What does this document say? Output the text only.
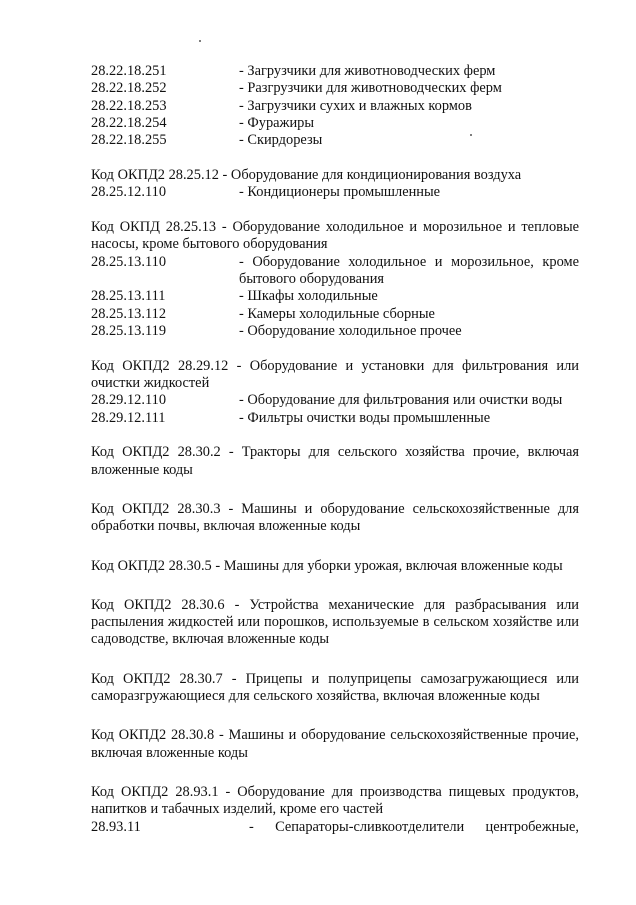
28.22.18.251	- Загрузчики для животноводческих ферм
28.22.18.252	- Разгрузчики для животноводческих ферм
28.22.18.253	- Загрузчики сухих и влажных кормов
28.22.18.254	- Фуражиры
28.22.18.255	- Скирдорезы
Код ОКПД2 28.25.12 - Оборудование для кондиционирования воздуха
28.25.12.110	- Кондиционеры промышленные
Код ОКПД 28.25.13 - Оборудование холодильное и морозильное и тепловые насосы, кроме бытового оборудования
28.25.13.110	- Оборудование холодильное и морозильное, кроме бытового оборудования
28.25.13.111	- Шкафы холодильные
28.25.13.112	- Камеры холодильные сборные
28.25.13.119	- Оборудование холодильное прочее
Код ОКПД2 28.29.12 - Оборудование и установки для фильтрования или очистки жидкостей
28.29.12.110	- Оборудование для фильтрования или очистки воды
28.29.12.111	- Фильтры очистки воды промышленные
Код ОКПД2 28.30.2 - Тракторы для сельского хозяйства прочие, включая вложенные коды
Код ОКПД2 28.30.3 - Машины и оборудование сельскохозяйственные для обработки почвы, включая вложенные коды
Код ОКПД2 28.30.5 - Машины для уборки урожая, включая вложенные коды
Код ОКПД2 28.30.6 - Устройства механические для разбрасывания или распыления жидкостей или порошков, используемые в сельском хозяйстве или садоводстве, включая вложенные коды
Код ОКПД2 28.30.7 - Прицепы и полуприцепы самозагружающиеся или саморазгружающиеся для сельского хозяйства, включая вложенные коды
Код ОКПД2 28.30.8 - Машины и оборудование сельскохозяйственные прочие, включая вложенные коды
Код ОКПД2 28.93.1 - Оборудование для производства пищевых продуктов, напитков и табачных изделий, кроме его частей
28.93.11	- Сепараторы-сливкоотделители центробежные,
